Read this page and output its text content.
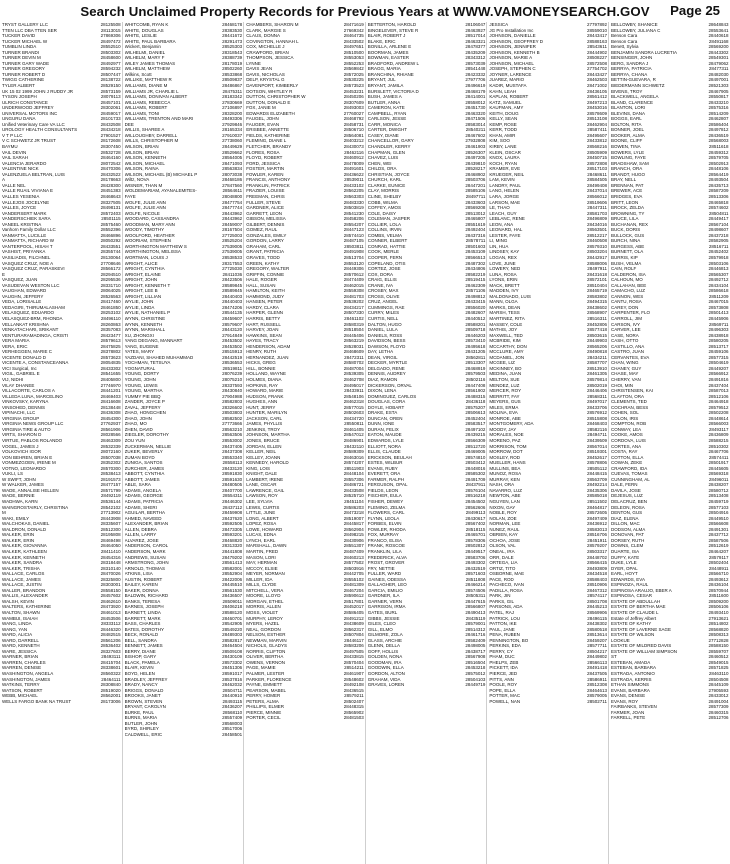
Search Unclaimed Property Records for Previous Years at WWW.VAMONEYSEARCH.GOV Page 25
TRYST GALLERY LLC	28125508
TTEN LLC DBA TTEN SER	28113015
TUCKER DAVID	27869306
TUCKER MICHAEL W	28497472
TUMBLIN LINDA	28552510
TURNER BRANDI	28503302
TURNER DEVIN M	28458600
TURNER GARY WADE	28492977
TURNER GREGORY	28594232
TURNER ROBERT D	28507447
TWIGG CATHERINE	28138722
TYLER ALBERT	28529150
UK 15 02 1999 JOHN J RUDDY JR	28573159
TYSON JOSEPH	28079113
ULRICH CONSTANCE	28457101
UNDERWOOD JEFFREY	28302061
UNIVERSAL MOTORS INC	28459017
UNGURU DANA	28101733
Unified Veterinary Care VA LLC	28432508
UROLOGY HEALTH CONSULTANTS	28434218
V T P LLC	27901527
V C SCHWETZ JR TRUST	28172608
BAYMU	28307450
VAIL DEVIN	28532728
VAIL SARAH	28464160
VALENCIA JERARDO	28072542
VALENTINE NICK	28470306
VALENZUELA BELTRAN, LUIS	28432522
A	28178663
VALLE NEL	28428300
VALLE RUAIL VIVIANA E	28451383
VALLES YESENIA	28468643
VALLEJOS JOCELYNE	28327505
VALLES, JOYCE	28498131
VANDERSERT MARK	28572403
VANDERSCHIEK SARA	28501115
VANEEL KRISTINA	28575460
Vanhorn Family Dollar LLC	28552396
VANMATTA, LUCILLE	28466896
VANMATTA, RICHARD W	28050292
VANTERPOOL, HISAH T	28433551
VASHIST, PRIYANKA	28355744
VASILIADIS, FILCHNEL	28130064
VASQUEZ CRUZ, NOE A	27708646
VASQUEZ CRUZ, PARASKEVI	28566172
E	28294510
VASQUEZ, JUAN	28295536
VASUDEVAN WESTON LLC	28331710
VAUGHAN, EDWARD	28064025
VAUGHN, JEFFERY	28526563
VEDA, LORISALLE	28417460
VEDAGIRI, THIRUMALASHAM	28461850
VELASQUEZ, EDUARDO	28253102
VELASQUEZ-BRM, RHONDA	28496110
VELLANKAT KRISHNA	28260863
VENKATACHARI, SRIKANT	28357083
VENTURARAMADINGA, CRISTI	28423477
VERA MARIA	28579613
VERA, ERIC	28475825
VERHEGGEN, MARIE C	28378802
VICENTE DONALD D	28573623
VICENTE A, CONSTANCEANNA	28054835
VICI Surgical, Inc	28433302
VIGIL, GABRIEL E	28541655
VIJ, NIDHI	28405800
VILAY DHANEE	27746970
VILLACORTE, CARLOS A	28441201
VILLEDA LUNA, MARCELINO	28469403
VINKOVSKY, KARYNA	28416608
VINSOHED, DENNIS	28138448
VIPINACHI, LLC	28436308
VIRGINIA GROUP	28454300
VIRGINIA NEWS GROUP LLC	27762937
VIRGINIA TIRE & AUTO	28561906
VIRTS, SHARON D	28028566
VIRTUE, PABLOS ROLANDO	28463309
VOGEL, JAMES J	28532339
VOLKOVICH IGOR	28072160
VON BEHREN, BRIAN E	28507038
VONMEZGOEN, IRENE M	28352302
VOTNO, LEONARDO	28570300
VUKLI, LS	28538413
W SWIFT, JOHN	28191573
W WALKER, JAMES	28477157
WADE, ANNALISE HELLEN	28571799
WADE, BERNIE	28492119
WADHWA, KARN	28536144
WAINGROSTAIRLY, CHRISTINA	28542102
M	27713902
WAKI, EMILY	28443908
WALCHOKAS, DANIEL	28335607
WALDRON, DONALD	28512300
WALKER, ERIN	28195808
WALKER, ERIN	28469498
WALKER, GIOVANNA	28464050
WALKER, KATHLEEN	28411410
WALKER, KENNETH	28454316
WALKER, SANDRA	28318448
WALKER, TRISHA	28310140
WALLACE, CARLOS	28470026
WALLACE, JAMES	28325800
WALLACE, JUSTIN	28303001
WALLER, BRANDON	28558150
WALLIS, ALEXANDER	28457602
WALSH, KEVIN	28462610
WALTERS, KATHERINE	28473920
WALTON, SHAWN	28461013
WAMBUI, ISAIAH	28453506
WANG, LINDA	28333112
WANG, YAN	28446320
WARD, ALICIA	28482515
WARD, DARRELL	28561206
WARD, KENNETH	28536402
WARE, JESSICA	28327603
WARNER, BRIAN	28493111
WARREN, CHARLES	28415704
WARREN, DENISE	28338601
WASHINGTON, ANGELA	28560322
WASHINGTON, JAMES	28464111
WATKINS, TERRY	28308840
WATSON, ROBERT	28519020
WEBB, MICHAEL	28562001
WELLS FARGO BANK NA TRUST	28173006
WHITCOMB, RYAN K	28468178
WHITE, DOUGLAS	28383530
WHITE, LESLIE	28441672
WHITE, PAUL BARBARA	28291473
Wickert, Benjamin	28525303
WILHELMI, DANIEL	28318543
WILHELM, MARY F	28388739
WILEY JAMES THOMAS	28178019
WILHELM, MATTHEW	28502260
Wilkins, Scott	28533868
WILLIKE, MATTHEW R	28509837
WILLIAMS, DIANE M	28486867
WILLIAMS JR, CHARLIE L	28475311
WILLIAMS, DONIVAN ALBERT	28183342
WILLIAMS, REBECCA	27830669
WILLIAMS, ROBERT	27106897
WILLIAMS, TONI	28328200
WILLIAMS, TRENTON AND MARI	28493306
DEE	27929846
WILLIS, SHAREE A	28165334
WILLOUGHBY, DARRELL	27910037
WILLS, CHRISTOPHER M	27738060
WILSON, BRIAN	28449629
WILSON, BRIAN	28529662
WILSON, KENNETH	28564005
WILSON, MICHAEL	28471093
WILSON, RAINA	28563834
WILSON, MICHAEL (B) MICHAEL P	28073038
Wiltz, NOVA	28468186
WISNER, THAN M	27847560
WOLDEMARIAM, AYANALEMITES-	28564611
FAYE	28048800
WOLFE, JULIE ANN	28477754
WOLFE, JULIE ANN	28477744
WOLFE, NICOLE	28443962
WOODARD, CASSANDRA	28443962
WOODMAN, MARY ANN	28459007
WOODY, TIMOTHY	28167504
WOOLFORD, HEATHER	27725003
WOORIAM, STEPHEN	28525204
WORTHINGTON MATTHEW S	27539005
WORTHINGTON, MELISSA	27539005
WORTMAN, LOUIS J	28538533
WRIGHT, ALICE	28317553
WRIGHT, CYNTHIA	27725030
WRIGHT, ELAINE	28411036
WRIGHT, JOHN	28423506
WRIGHT, KENNETH T	28589845
WRIGHT, LEE B	28589845
WRIGHT, LILLIAN	28440403
WYLIE, JOHN	28440403
WYLIE, LINDA	28474206
WYLIE, NATHANIEL P	28544135
WYNN, CHRISTINE	28459607
WYNN, KENNETH	28579607
WYNN, MARSHALL	28443120
XU, ZHONGXI	27914849
YANG DEGANG, MANNART	28453502
YANG, EUGENE	28453502
YATES, MARY	28515913
YAZDANI, SHAHED MUHAMMAD	28442519
YOCHMAN, TETSUYA	28536553
YOGNATURAL	28519811
YOUNG, DORTY	28076239
YOUNG, JOHN	28075210
YOUNG, LEWIS	28337593
YOUNG, MARTHA	28430840
YUMMY PIE BBQ	27904988
ZANDER, JOYCE P	28582803
ZAVAL, JEFFERY	28326602
ZHAO, HONGCHEN	28503803
ZHAO, JOHN	28582502
ZHAO, MO	27773666
ZHEN, DAVID	28563210
ZIEGLER, DOROTHY	28563506
ZOU YUN	28553002
ZUCKERMAN, NELLIE	28437405
ZUKER, BEVERLY	28437308
ZUMAN BOYD	28553340
ZUNIGA, SANTOS	28558113
ZURCHER, JAMES	28433120
ABBOTT, CYNTHIA	28591830
ABBOTT, JAMES	28591630
ABLE, SARA	28480505
ADAMS, ANGELA	28407700
ADAMS, GEORGE	28554311
ADAMS, PATRICIA	28446302
ADAMS, SHERI	28437112
AGUILAR, BERTHA	28459908
AHMED, NAVEED	28437620
ALEXANDER, BRIAN	28592505
ALLEN, DEBRA	28473305
ALLEN, LARRY	28593201
ALVAREZ, JOSE	28468820
ANDERSON, CAROL	28313320
ANDERSON, MARK	28441808
ANDREWS, SUSAN	28479202
ARMSTRONG, JOHN	28561413
ARNOLD, THOMAS	28582001
ATKINS, LISA	28552904
AUSTIN, ROBERT	28422006
BAILEY, KAREN	28445510
BAKER, DONNA	28561530
BALDWIN, RICHARD	28436507
BANKS, TERESA	28509011
BARNES, JOSEPH	28406218
BARNETT, LINDA	28588120
BARRETT, MARK	28460701
BASS, CHARLES	28542905
BATES, DOROTHY	28549220
BECK, RONALD	28489303
BELL, SANDRA	28582817
BENNETT, JAMES	28464504
BERRY, DIANE	28509108
BISHOP, GARY	28430109
BLACK, PAMELA	28573302
BLAIR, KEVIN	28451306
BOYD, HELEN	28591017
BRADLEY, JEFFREY	28537816
BRADY, NANCY	28462032
BRIGGS, DONALD	28504711
BROOKS, JANET	28440910
BROWN, STEVEN	28493115
BRYANT, CAROLYN	28436207
BURKE, PAUL	28568110
BURNS, MARIA	28557409
BUTLER, JOHN	28568003
BYRD, SHIRLEY	28517006
CALDWELL, ERIC	28458501
CHAMBERS, SHARON M	28471619
CLARK, MARGIE S	27669342
CLAUS, DONNA	28464735
COVINGTON, HANNAH L	28433502
COX, MICHELLE J	28497651
CRAWFORD, BRIAN	28510500
THOMPSON, JESSICA	28553053
LYNNE	28552253
DAVIS JEAN	28569842
DAVIS, NICHOLAS	28572025
DELP, KRYSTAL G	28530225
DAVENPORT, KIMBERLY	28573523
DOTSON, WHITLEY R	28453231
DUTTON, CHRISTOPHER W	28450206
DUTTON, DONALD E	28307609
FOX, JANIE M	28493003
EDWARDS ELIZABETH	27760027
FAUGEL, JOHN	28468792
FAUGER, EVAN	28458731
ERISBEE, ANNETTE	28506710
FIELDS, KATHERINE	28564081
FLEMING, DIANE L	28403212
FLETCHER, BRANDY	28430073
FLORES, ROSA	28462116
FLOYD, ROBERT	28460912
FORD, JESSICA	28478009
FOSTER, MARTIN	28491601
FOWLER, KAREN	28436622
FRANCIS, ANTHONY	28539011
FRANKLIN, PATRICK	28433102
FRAZIER, LOUISE	28562205
FREEMAN, CHRIS	28563303
FULLER, STEVE	28483330
GARDNER, ALICE	28503819
GARRETT, LEON	28541230
GIBSON, MELISSA	28458206
GILBERT, DENNIS	28554207
GOMEZ, RAUL	28447123
GONZALES, EMILY	28574410
GORDON, LARRY	28487105
GRAHAM, CARL	28503811
GRANT, PATRICIA	28491908
GRAVES, TODD	28513704
GREEN, KATHY	28553120
GREGORY, WALTER	28449306
GRIFFIN, CONNIE	28570612
HALE, ROGER	28474409
HALL, SUSAN	28462015
HAMILTON, KEITH	28559308
HAMMOND, JUDY	28481703
HANSEN, PETER	28539202
HARDY, CLARA	28434217
HARPER, GLENN	28507330
HARRIS, BETTY	28461102
HART, RUSSELL	28580319
HARVEY, JOAN	28518504
HAWKINS, SEAN	28445406
HAYES, TRACY	28563219
HENDERSON, ADAM	28528031
HENRY, RUTH	28468609
HERNANDEZ, JUAN	28472311
HICKS, GREG	28580702
HILL, BONNIE	28487004
HOLLAND, WAYNE	28539305
HOLMES, DIANA	28462708
HOPKINS, RAY	28495017
HOWARD, MARIE	28433911
HUDSON, FRANK	28548106
HUGHES, ANN	28462318
HUNT, JERRY	28577015
HUNTER, MARILYN	28502603
JACKSON, CARL	28434720
JAMES, PHYLLIS	28550811
JENKINS, TROY	28461405
JOHNSON, MARTHA	28547012
JONES, BRUCE	28486901
JORDAN, ELLEN	28432110
KELLER, NEIL	28589309
KELLEY, JOANN	28463016
KENNEDY, HAROLD	28574207
KING, LOIS	28511903
KNIGHT, DALE	28448104
LAMBERT, IRENE	28557306
LANE, OSCAR	28486721
LAWRENCE, GAIL	28433508
LAWSON, ROY	28525710
LEE, SYLVIA	28451104
LEWIS, CURTIS	28586203
LITTLE, JUNE	28473218
LONG, ALBERT	28519007
LOPEZ, ROSA	28445817
LOWE, HOWARD	28562904
LUCAS, EDNA	28498215
LYNCH, EARL	28430906
MARSHALL, DAWN	28551307
MARTIN, FRED	28487409
MASON, LORI	28460213
MAY, HERMAN	28577502
MCCOY, ELSIE	28503916
MEYER, NORMAN	28442705
MILLER, IDA	28555102
MILLS, CLYDE	28481309
MITCHELL, VERA	28467204
MOORE, LLOYD	28590612
MORGAN, ETHEL	28517801
MORRIS, ALLEN	28452017
MOSS, VIOLET	28586405
MURPHY, LEROY	28491212
MYERS, HAZEL	28438609
NEAL, GORDON	28562317
NELSON, ESTHER	28507804
NEWMAN, MARVIN	28446117
NICHOLS, GLADYS	28583206
NORRIS, CLIFTON	28497505
OLIVER, BERTHA	28433815
OWENS, VERNON	28570404
PAGE, MAMIE	28514211
PALMER, LESTER	28461907
PARKER, FLORENCE	28548602
PAYNE, EMMETT	28492108
PEARSON, MABEL	28436515
PERRY, HOMER	28579211
PETERS, ALMA	28502407
PHILLIPS, ELMER	28448315
PIERCE, MINNIE	28565902
PORTER, CECIL	28481503
BETTERTON, HAROLD	28106047
BINGELEVER, STEVE R	28463927
BLAIR, ROBERT J	28517014
BLAKE, ERIC	28463321
BONILLA, ARLENE E	28478377
BOORMAN, JAMES	28435209
BOWMAN, EASTER	28343312
BRADFORD, ANDREW L	28573039
BRAGG, MARIA	28541448
BRANCHINA, RHIANE	28423332
BRYANT, JUL	27977706
BRYANT, JAMILA	28496619
BURSLETT, VICTORIA D	28468179
BUSH, JAMES A	28414001
BUTLER, ANNA	28558012
CAMERON, KATE	28451730
CAMPBELL, RYAN	28463320
CARLSON, JESSE	28471506
CARR, MONICA	28583014
CARTER, DWIGHT	28540211
CASEY, DIANE	28467602
CHANCELLOR, GARY	27932808
CHANDLER, KERRY	28461903
CHAPMAN, GLEN	28526307
CHAVEZ, LUIS	28497205
CHEN, WEI	28439810
CHILDS, ORA	28528217
CHRISTIAN, JOYCE	28468902
CHURCH, KARL	28503706
CLARKE, EUNICE	28447201
CLAY, MORRIS	28585106
CLINE, SHELBY	28497711
COBB, WILMA	28433603
COFFEY, AMOS	28569208
COLE, DAISY	28513012
COLEMAN, JASPER	28465807
COLLIER, LOLA	28551619
COLLINS, IRVIN	28492404
COMBS, VELMA	28437316
CONNER, ELBERT	28578711
CONRAD, HATTIE	28501603
COOK, MERLE	28453109
COOPER, FERN	28566513
COPELAND, OTIS	28487302
CORTEZ, JOSE	28434806
COX, DORA	28582219
CRAIG, ELLIS	28519415
CRANE, IVA	28462309
CROSBY, MAX	28571106
CROSS, OLIVE	28498812
CRUZ, ANGEL	28433415
CUMMINGS, RAE	28556020
CURRY, MILES	28482607
CURTIS, NELL	28440512
DALTON, HUGO	28588201
DANIEL, LULA	28509718
DANIELS, ROSS	28446203
DAVIDSON, BESS	28573410
DAWSON, FLOYD	28495618
DAY, LETHA	28431205
DEAN, VIRGIL	28562811
DECKER, MYRTLE	28513307
DELGADO, RENE	28468919
DENNIS, AUDREY	28579503
DIAZ, RAMON	28502116
DICKERSON, ORVAL	28447408
DIXON, LENA	28561902
DOMINGUEZ, CARLOS	28488315
DOUGLAS, CORA	28436118
DOYLE, HOBART	28575207
DRAKE, ESTA	28506613
DUNCAN, OREN	28452404
DUNN, IONE	28583517
DURAN, FELIX	28497102
EATON, MAUDE	28439215
EDWARDS, LYLE	28566309
ELLIOTT, NORA	28512720
ELLIS, CLAUDE	28469005
ERICKSON, BEULAH	28574810
ESTES, WILBUR	28503412
EVANS, RUBY	28448016
EVERETT, ORA	28585302
FARMER, RALPH	28491709
FERGUSON, OPAL	28437911
FIELDS, LEON	28576104
FISCHER, EULA	28516218
FISHER, DEWEY	28454502
FLEMING, ZELMA	28562606
FLOWERS, CARL	28499113
FLYNN, LEOLA	28430617
FORBES, ELVIN	28567402
FOWLER, RHODA	28518115
FOX, MURRAY	28465701
FRANCO, ELISA	28578306
FRANK, ROSCOE	28502812
FRANKLIN, LILA	28449517
FREDERICK, ALVA	28583706
FROST, GROVER	28493302
FRY, NETTIE	28432519
FULLER, WARD	28571603
GAINES, ODESSA	28511808
GALLAGHER, LEO	28466214
GARCIA, EMILIO	28574506
GARDNER, ILA	28505311
GARNER, VERN	28447615
GARRISON, IRMA	28566807
GATES, BURL	28490413
GIBBS, JESSIE	28435119
GILES, CLEO	28579001
GILL, ELMO	28514312
GILMORE, ZOLA	28461716
GLASS, ARCHIE	28582409
GLENN, DELLA	28498005
GOFF, HOLLIS	28438717
GOLDEN, NONA	28567908
GOODMAN, IRA	28516504
GOODWIN, ELLA	28453218
GORDON, ALTON	28575012
GRAHAM, VIDA	28504103
GRAVES, LOREN	28449719
JESSICA	27797892
JG Pro Installation Inc	28559010
JOHNSON, DANIELLE	28443417
JOHNSON, GEOFFREY D	28588163
JOHNSON, JENNIFER	28543611
JOHNSON, KENNETH B	28444902
JOHNSON, MARIE A	28508227
JOHNSON, MICHAEL	28572508
JOSEPH, STEPHEN C	27754702
JOYNER, LARENCE	28443427
JUAREZ, MARIO	28462503
KADIR, MUSTAFA	28471002
KAHN, LEAH	28436105
KAPLAN, ROBERT	28561412
KATZ, SAMUEL	28497213
KAUFMAN, AMY	28453016
KEITH, DOUG	28578609
KELLY, SEAN	28513108
KEMP, ROSE	28462904
KERR, TODD	28587411
KHAN, AMIR	28495607
KIM, SOO	28433812
KIRBY, LANE	28568216
KLEIN, OSCAR	28505909
KNOX, LAURA	28450715
KOCH, RYAN	28572808
KRAMER, EVE	28517103
KRUEGER, NEIL	28468611
LAM, KEVIN	28584505
LANDRY, PAUL	28499408
LANG, HELEN	28437014
LARA, JORGE	28566012
LARSON, MAE	28519606
LE, THAO	28447311
LEACH, GUY	28581703
LEBLANC, RENE	28496809
LEON, ANA	28434016
LEONARD, HAL	28563501
LESTER, FAYE	28512217
LI, MING	28460508
LIN, HUA	28579310
LINDSEY, KAY	28503204
LOGAN, REX	28442917
LOVE, JUNE	28588006
LOWERY, NED	28497911
LUNA, ROSA	28431618
LYONS, ERIN	28572101
MACK, BRETT	28510404
MADDEN, IVY	28465719
MALDONADO, LUIS	28583802
MANN, OLGA	28494315
MARKS, DEAN	28438602
MARSH, TESS	28568907
MARTINEZ, RITA	28516311
MASSEY, COLE	28452806
MATHIS, JOY	28577418
MAXWELL, TED	28503615
MCBRIDE, KIM	28449903
MCCARTHY, DON	28565206
MCCLURE, AMY	28490818
MCDANIEL, JON	28434211
MCGEE, LIZ	28587707
MCKINNEY, BO	28513910
MEDINA, JUAN	28461305
MELTON, SUE	28579814
MENDEZ, LUZ	28502019
MERCER, ROY	28446406
MERRITT, FAY	28568311
MEYERS, GUS	28497017
MILES, ERMA	28433706
MOLINA, EVA	28576912
MONROE, ABE	28515808
MONTGOMERY, ADA	28468403
MOODY, JAY	28582116
MORALES, NOE	28494711
MORENO, PAZ	28439509
MORRISON, TOM	28567014
MORROW, DOT	28519301
MOSLEY, ROD	28452617
MUELLER, HANS	28578806
MULLINS, BEA	28505112
MUNOZ, ROSA	28448415
MURRAY, KEN	28563709
NASH, ORA	28492214
NAVARRO, LUZ	28435306
NEWTON, ABE	28585018
NGUYEN, LAN	28511502
NIXON, GAY	28464817
NOBLE, ROY	28572605
NOLAN, ZOE	28497409
NORMAN, LEE	28436912
NUNEZ, RAUL	28583013
OBRIEN, KAY	28516706
OCHOA, JOSE	28451911
OLSON, VAL	28579207
ONEAL, IRA	28503317
ORR, DALE	28448702
ORTEGA, LIA	28566415
ORTIZ, TITO	28493809
OSBORNE, MAE	28434518
PACE, ROD	28588403
PACHECO, IVAN	28510906
PADILLA, ROSA	28467312
PARK, JIN	28574117
PARKS, GIL	28501708
PARSONS, ADA	28445213
PATEL, RAJ	28569906
PATRICK, LOU	28496115
PATTON, IKE	28438302
PAUL, JANE	28580518
PENA, RUBEN	28513614
PENNINGTON, BO	28459207
PERKINS, EDA	28577711
PERRY, CY	28504217
PHAM, DUC	28449802
PHELPS, ZEB	28566113
PICKETT, IDA	28491418
PIERCE, JED	28437505
PITTS, ANN	28586911
POOLE, ROY	28512308
POPE, ELLA	28464613
POTTER, MAC	28579005
POWELL, NAN	28502711
BELLOWBY, SHANICE	28648843
BELLOWBY, JULIANA C	28553641
Benson Cara	28440618
Benson Cara	28491168
Benett, Sylvia	28569200
BENJAMIN SANDRA LUCRETIA	28443302
BENSINGER, JOHN	28549301
BERG, SANDRA J	28479062
BERRYA, PATRICIA	28477311
BERRYA, CHANA	28482030
BETTIN-GUEVARA, R	28497001
BIEDERMANN SCHWETZ	28521303
BIVENS, TROY	28467905
BLACKWELL, ANGELA	28550817
BLAND, CLARENCE	28433210
BLANTON, LORI	28575316
BLEVINS, DANA	28514209
BOGGS, EARL	28462807
BOLTON, RITA	28586404
BONNER, JOEL	28497812
BOOKER, ALMA	28436519
BOONE, CLIFF	28568003
BOWEN, TINA	28511618
BOWERS, LYLE	28459312
BOWLING, FAYE	28579705
BRADSHAW, SAM	28502913
BRANCH, ORA	28448106
BRANDT, HUGO	28564419
BRAY, NELL	28493504
BRENNAN, PAT	28435713
BREWER, ACE	28587209
BRIDGES, EVA	28513306
BRITT, LEON	28465818
BROCK, ZELDA	28574602
BROWNING, TY	28504811
BRUCE, LILA	28449417
BUCHANAN, REX	28567104
BUCK, DORIS	28498607
BULLOCK, GUS	28437218
BURCH, NINA	28582905
BURGESS, ABE	28516711
BURNETT, OLA	28452402
BURRIS, KIP	28579918
BUSH, VELMA	28503106
CAIN, ROLF	28446813
CALDERON, ISA	28565307
CALHOUN, MO	28492712
CALLAHAN, BEE	28434104
CAMACHO, LUZ	28586618
CANNON, WES	28511209
CANTU, ROSA	28467015
CAREY, DON	28573808
CARPENTER, FLO	28501413
CARROLL, JIM	28445906
CARSON, IVY	28569711
CARVER, LEE	28496303
CASE, NORA	28438918
CASH, OTTO	28580205
CASTILLO, ANA	28513717
CASTRO, JUAN	28459106
CERVANTES, EVA	28577315
CHAN, WING	28504619
CHANEY, GUY	28449207
CHASE, MAY	28566912
CHERRY, VAN	28491816
CHOI, MIN	28437404
CHRISTENSEN, KAI	28587013
CLAYTON, ORA	28512106
CLEMENTS, TED	28464918
COCHRAN, BESS	28579512
COHEN, SOL	28502208
COLON, IRIS	28448614
COMPTON, ROB	28566003
CONWAY, LEA	28493117
COOKE, AMOS	28436809
CORDOVA, LUIS	28588215
CORTES, ANA	28510302
COSTA, RAY	28467706
COTTON, ELLA	28574411
COWAN, ZEKE	28501917
CRAWFORD, IDA	28445605
CUEVAS, TOMAS	28569318
CUNNINGHAM, AL	28496011
DALE, FERN	28438207
DAVILA, JOSE	28580712
DEJESUS, LUZ	28513408
DELACRUZ, BEN	28459719
DELEON, ROSA	28577103
DENTON, GUS	28504916
DIAZ, ELENA	28449510
DILLON, MAC	28566608
DODSON, ALMA	28491301
DONOVAN, PAT	28437712
DORSEY, RUTH	28587506
DOWNS, CLEM	28512619
DUARTE, ISA	28464207
DUFFY, KATE	28579117
DUKE, LYLE	28502404
DYER, OPAL	28448911
EARL, HOYT	28566710
EDWARDS, EVA	28493612
ESPINOZA, RAUL	28436104
ESPINOSA ARAUJO, EBER A	28570944
ESPINOSA, CESAR	28511600
ESTATE OF ABDULLAH	28509200
ESTATE OF BERTHA MAE	28506106
ESTATE OF CLAUDE L	28493410
Estate of Jeffrey Albert	27913621
ESTATE OF KATHY	28514802
ESTATE OF LAVERNE SAGE	28568820
ESTATE OF WILSON	28508313
LOOKUE	27712828
ESTATE OF MILDRED DAVIS	28588150
ESTATE OF WILLIAM SIMPSON	28559707
ST	28460512
ESTEBAN, AMADA	28549015
ESTEBAN, BARBARA	28571825
ESTRADA, ANTONIO	28463110
ESTRADA, KERRIS	28504508
ETHAN SIMMONS	28445109
EVANS, BARBARA	27905593
EVANS, DENISE	28433012
EVANS, ROY	28491004
FAIRBANKS, STEVEN	28577309
FARMER, JOAN	28460315
FARRELL, PETE	28512706
